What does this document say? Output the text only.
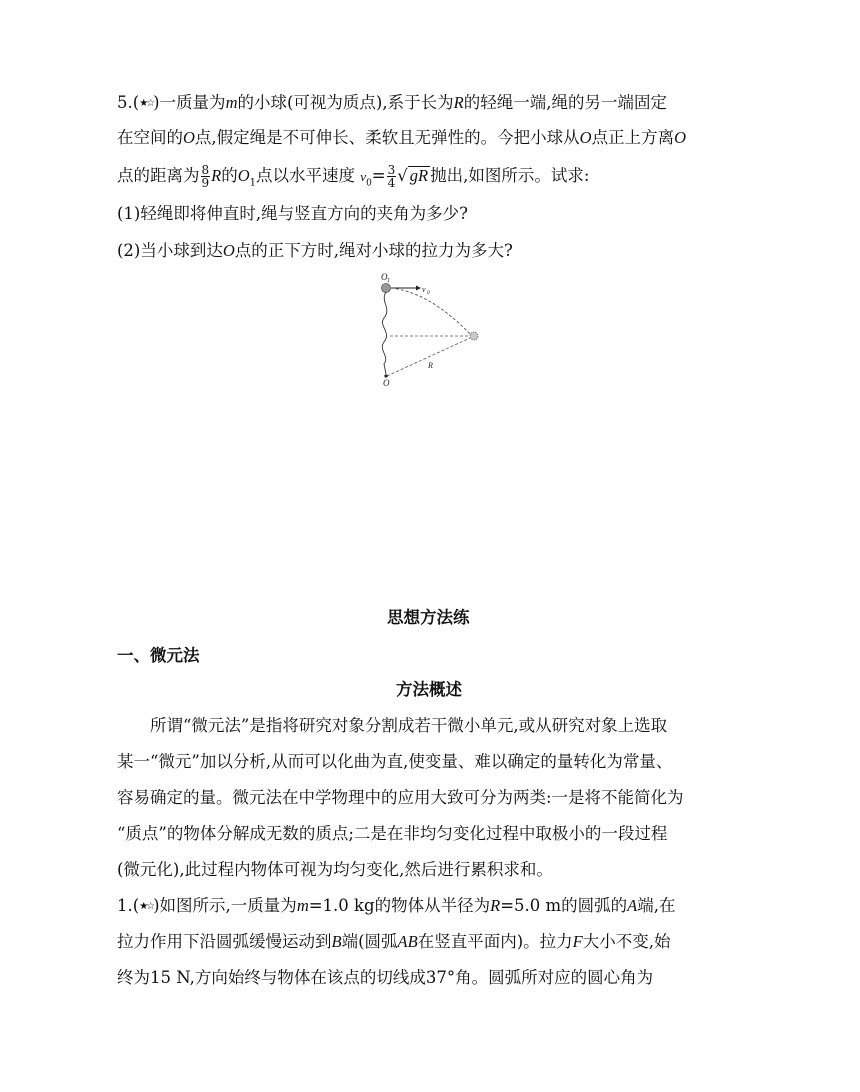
5.(★☆)一质量为m的小球(可视为质点),系于长为R的轻绳一端,绳的另一端固定
在空间的O点,假定绳是不可伸长、柔软且无弹性的。今把小球从O点正上方离O
点的距离为 $\frac{8}{9}$ R的$O_1$点以水平速度 $v_0= \frac{3}{4}$ √ gR 抛出,如图所示。试求:
(1)轻绳即将伸直时,绳与竖直方向的夹角为多少?
(2)当小球到达O点的正下方时,绳对小球的拉力为多大?
O 1
v 0
O
R
思想方法练
一、微元法
方法概述
所谓“微元法”是指将研究对象分割成若干微小单元,或从研究对象上选取
某一“微元”加以分析,从而可以化曲为直,使变量、难以确定的量转化为常量、
容易确定的量。微元法在中学物理中的应用大致可分为两类:一是将不能简化为
“质点”的物体分解成无数的质点;二是在非均匀变化过程中取极小的一段过程
(微元化),此过程内物体可视为均匀变化,然后进行累积求和。
1.(★☆)如图所示,一质量为m=1.0 kg的物体从半径为R=5.0 m的圆弧的A端,在
拉力作用下沿圆弧缓慢运动到B端(圆弧AB在竖直平面内)。拉力F大小不变,始
终为15 N,方向始终与物体在该点的切线成37°角。圆弧所对应的圆心角为
